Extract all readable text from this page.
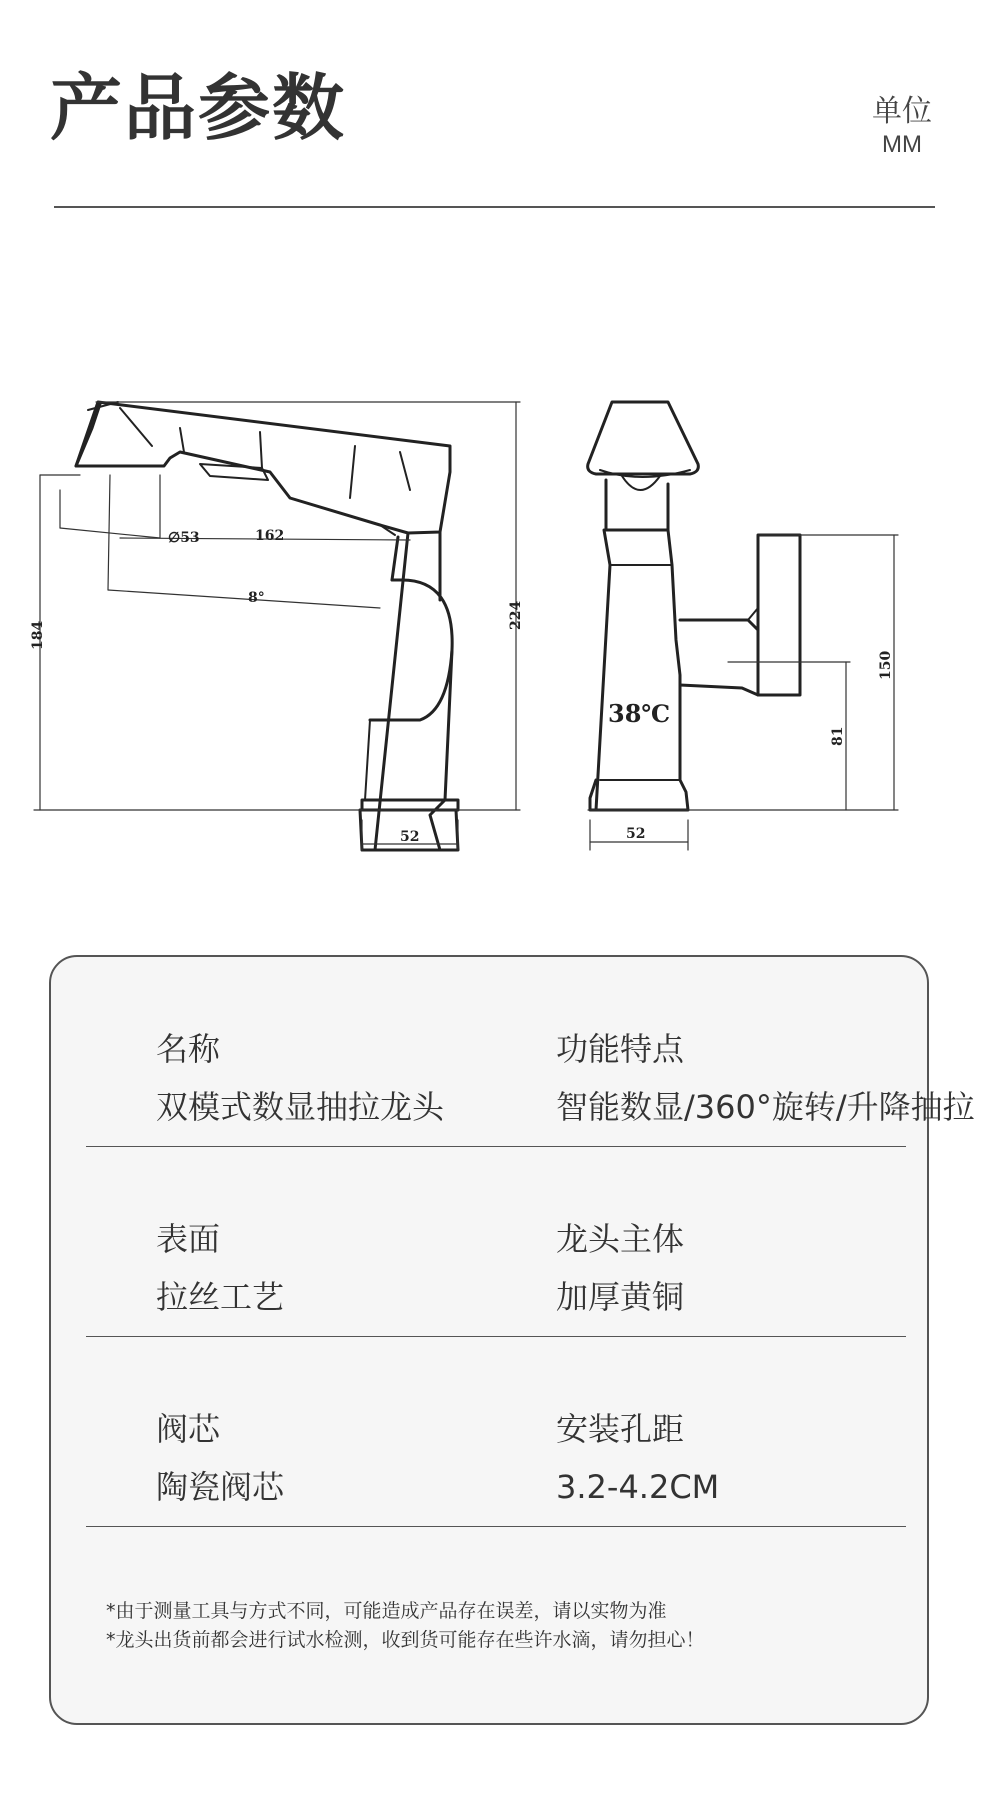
产品参数	单位
MM
∅53	162
8°
224
184
52
38℃
150
81
52
名称
双模式数显抽拉龙头
功能特点
智能数显/360°旋转/升降抽拉
表面
拉丝工艺
龙头主体
加厚黄铜
阀芯
陶瓷阀芯
安装孔距
3.2-4.2CM
*由于测量工具与方式不同，可能造成产品存在误差，请以实物为准
*龙头出货前都会进行试水检测，收到货可能存在些许水滴，请勿担心！
